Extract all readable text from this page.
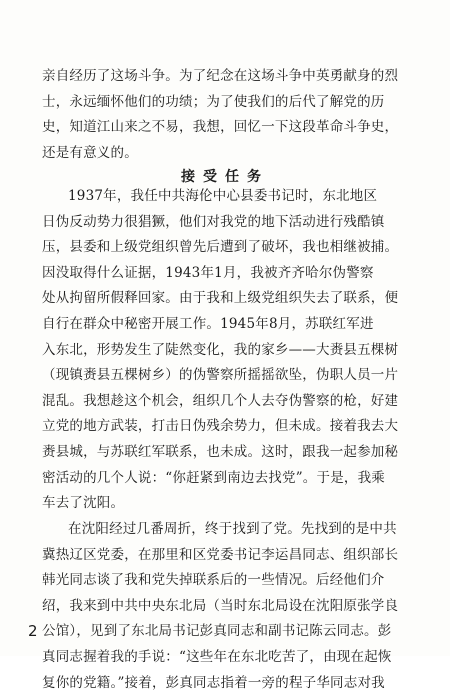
亲自经历了这场斗争。为了纪念在这场斗争中英勇献身的烈
士，永远缅怀他们的功绩；为了使我们的后代了解党的历
史，知道江山来之不易，我想，回忆一下这段革命斗争史，
还是有意义的。
接受任务
1937年，我任中共海伦中心县委书记时，东北地区
日伪反动势力很猖獗，他们对我党的地下活动进行残酷镇
压，县委和上级党组织曾先后遭到了破坏，我也相继被捕。
因没取得什么证据，1943年1月，我被齐齐哈尔伪警察
处从拘留所假释回家。由于我和上级党组织失去了联系，便
自行在群众中秘密开展工作。1945年8月，苏联红军进
入东北，形势发生了陡然变化，我的家乡——大赉县五棵树
（现镇赉县五棵树乡）的伪警察所摇摇欲坠，伪职人员一片
混乱。我想趁这个机会，组织几个人去夺伪警察的枪，好建
立党的地方武装，打击日伪残余势力，但未成。接着我去大
赉县城，与苏联红军联系，也未成。这时，跟我一起参加秘
密活动的几个人说：“你赶紧到南边去找党”。于是，我乘
车去了沈阳。
在沈阳经过几番周折，终于找到了党。先找到的是中共
冀热辽区党委，在那里和区党委书记李运昌同志、组织部长
韩光同志谈了我和党失掉联系后的一些情况。后经他们介
绍，我来到中共中央东北局（当时东北局设在沈阳原张学良
公馆），见到了东北局书记彭真同志和副书记陈云同志。彭
真同志握着我的手说：“这些年在东北吃苦了，由现在起恢
复你的党籍。”接着，彭真同志指着一旁的程子华同志对我
2
